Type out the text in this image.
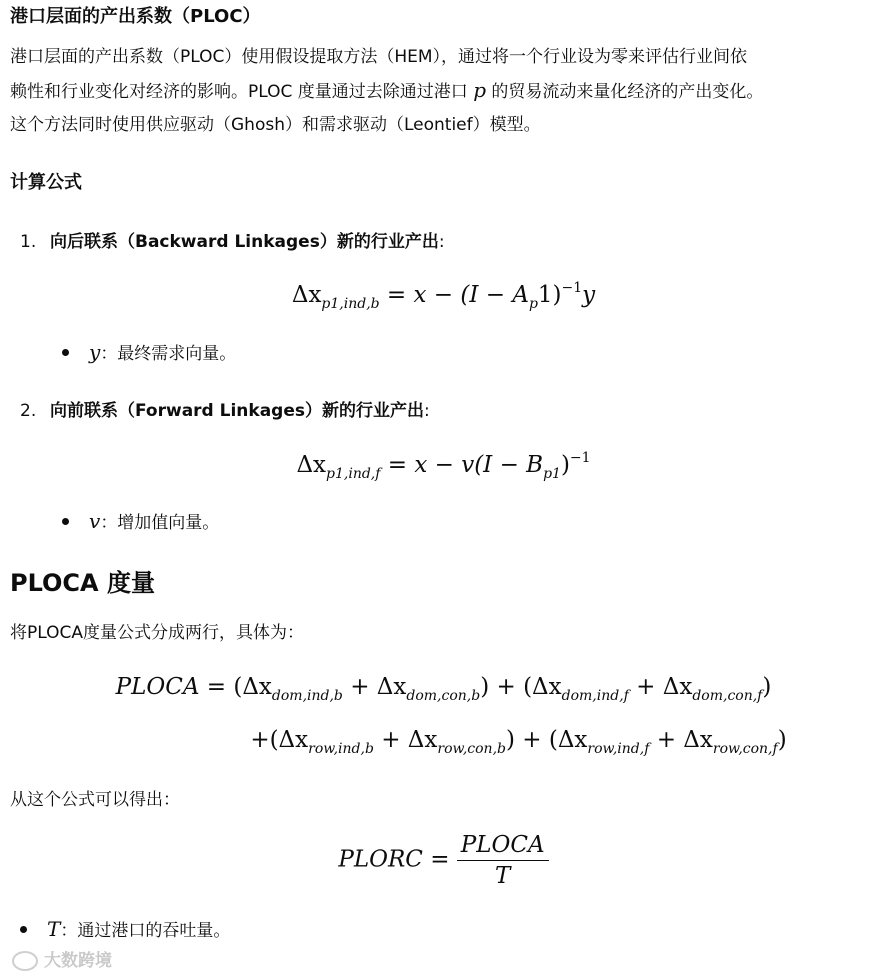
港口层面的产出系数（PLOC）
港口层面的产出系数（PLOC）使用假设提取方法（HEM），通过将一个行业设为零来评估行业间依
赖性和行业变化对经济的影响。PLOC 度量通过去除通过港口 p 的贸易流动来量化经济的产出变化。
这个方法同时使用供应驱动（Ghosh）和需求驱动（Leontief）模型。
计算公式
1. 向后联系（Backward Linkages）新的行业产出:
$\Delta x_{p1,ind,b} = x - (I - A_p1)^{-1}y$
y：最终需求向量。
2. 向前联系（Forward Linkages）新的行业产出:
$\Delta x_{p1,ind,f} = x - v(I - B_{p1})^{-1}$
v：增加值向量。
PLOCA 度量
将PLOCA度量公式分成两行，具体为：
PLOCA = $(\Delta x_{dom,ind,b} + \Delta x_{dom,con,b}) + (\Delta x_{dom,ind,f} + \Delta x_{dom,con,f})$
$+(\Delta x_{row,ind,b} + \Delta x_{row,con,b}) + (\Delta x_{row,ind,f} + \Delta x_{row,con,f})$
从这个公式可以得出：
PLORC = $\frac{\text{PLOCA}}{T}$
T：通过港口的吞吐量。
大数跨境
